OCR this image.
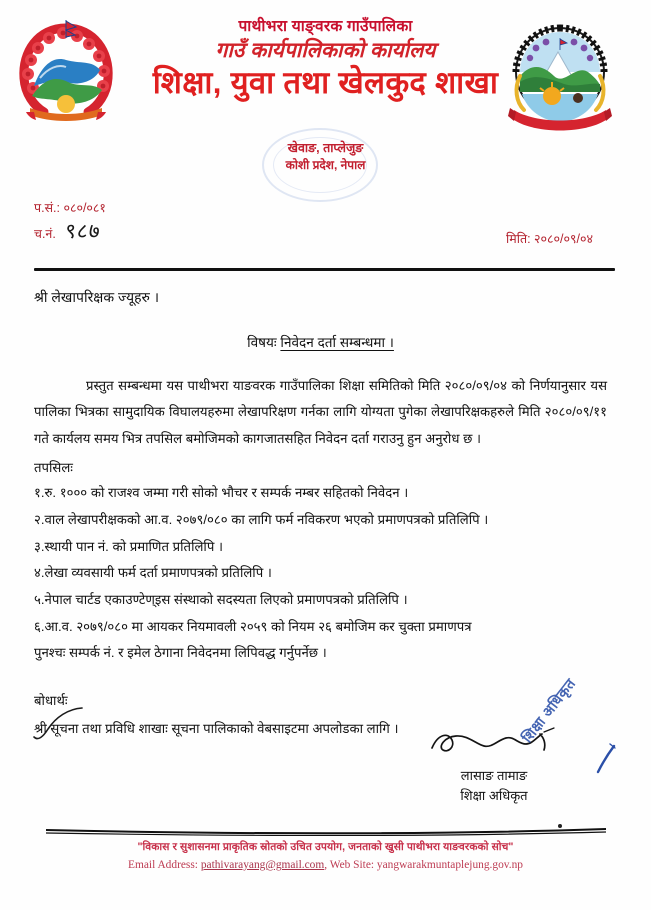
पाथीभरा याङ्वरक गाउँपालिका
गाउँ कार्यपालिकाको कार्यालय
शिक्षा, युवा तथा खेलकुद शाखा
खेवाङ, ताप्लेजुङ
कोशी प्रदेश, नेपाल
प.सं.: ०८०/०८१
च.नं. ९८७	मिति: २०८०/०९/०४
श्री लेखापरिक्षक ज्यूहरु ।
विषयः निवेदन दर्ता सम्बन्धमा ।
प्रस्तुत सम्बन्धमा यस पाथीभरा याङवरक गाउँपालिका शिक्षा समितिको मिति २०८०/०९/०४ को निर्णयानुसार यस पालिका भित्रका सामुदायिक विघालयहरुमा लेखापरिक्षण गर्नका लागि योग्यता पुगेका लेखापरिक्षकहरुले मिति २०८०/०९/११ गते कार्यलय समय भित्र तपसिल बमोजिमको कागजातसहित निवेदन दर्ता गराउनु हुन अनुरोध छ ।
तपसिलः
१.रु. १००० को राजश्व जम्मा गरी सोको भौचर र सम्पर्क नम्बर सहितको निवेदन ।
२.वाल लेखापरीक्षकको आ.व. २०७९/०८० का लागि फर्म नविकरण भएको प्रमाणपत्रको प्रतिलिपि ।
३.स्थायी पान नं. को प्रमाणित प्रतिलिपि ।
४.लेखा व्यवसायी फर्म दर्ता प्रमाणपत्रको प्रतिलिपि ।
५.नेपाल चार्टड एकाउण्टेण्इस संस्थाको सदस्यता लिएको प्रमाणपत्रको प्रतिलिपि ।
६.आ.व. २०७९/०८० मा आयकर नियमावली २०५९ को नियम २६ बमोजिम कर चुक्ता प्रमाणपत्र
पुनश्चः सम्पर्क नं. र इमेल ठेगाना निवेदनमा लिपिवद्ध गर्नुपर्नेछ ।
बोधार्थः
श्री सूचना तथा प्रविधि शाखाः सूचना पालिकाको वेबसाइटमा अपलोडका लागि ।
लासाङ तामाङ
शिक्षा अधिकृत
शिक्षा अधिकृत
"विकास र सुशासनमा प्राकृतिक स्रोतको उचित उपयोग, जनताको खुसी पाथीभरा याङवरकको सोच"
Email Address: pathivarayang@gmail.com, Web Site: yangwarakmuntaplejung.gov.np
